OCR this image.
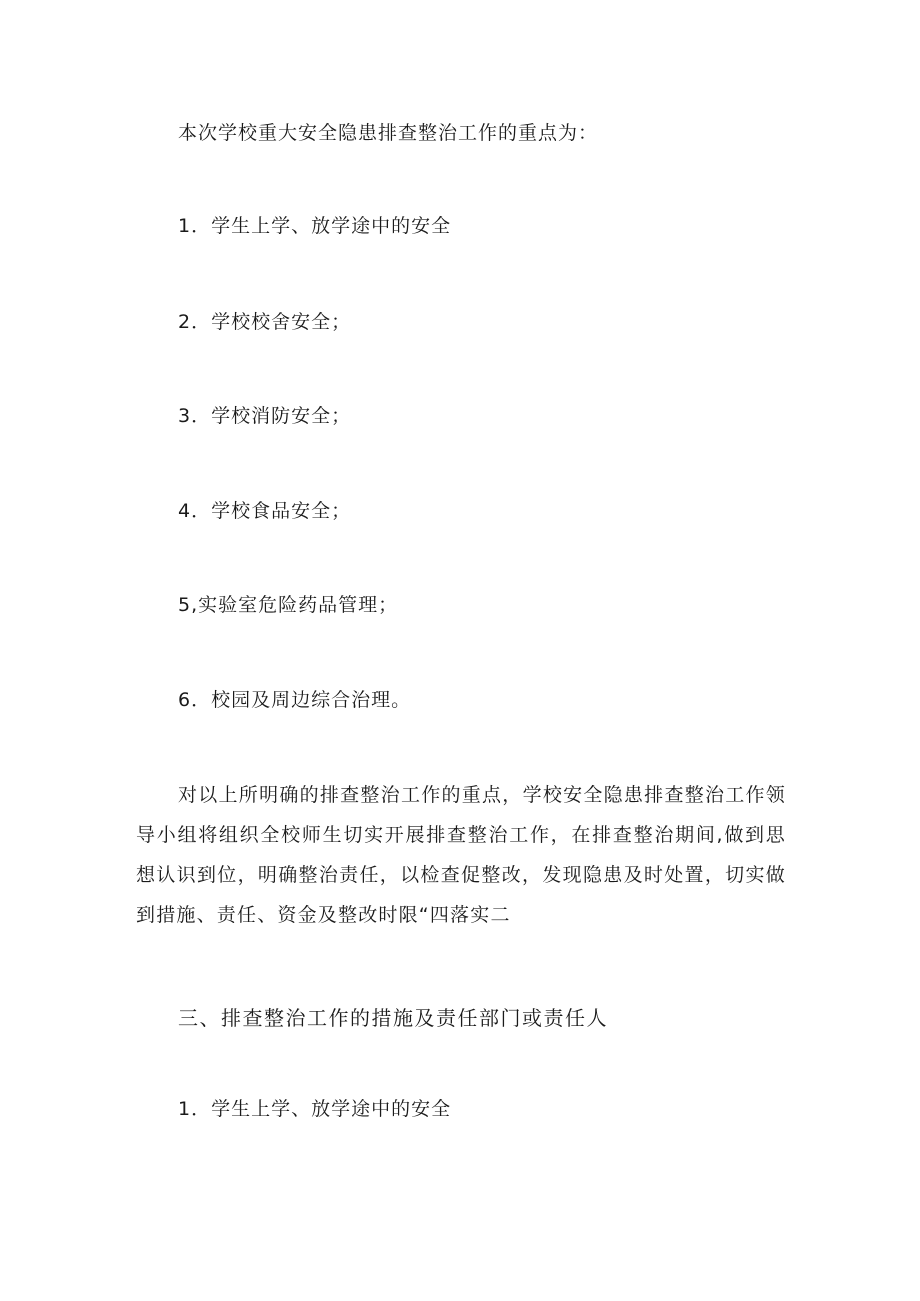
本次学校重大安全隐患排查整治工作的重点为：
1．学生上学、放学途中的安全
2．学校校舍安全；
3．学校消防安全；
4．学校食品安全；
5,实验室危险药品管理；
6．校园及周边综合治理。

对以上所明确的排查整治工作的重点，学校安全隐患排查整治工作领导小组将组织全校师生切实开展排查整治工作，在排查整治期间,做到思想认识到位，明确整治责任，以检查促整改，发现隐患及时处置，切实做到措施、责任、资金及整改时限“四落实二

三、排查整治工作的措施及责任部门或责任人
1．学生上学、放学途中的安全
